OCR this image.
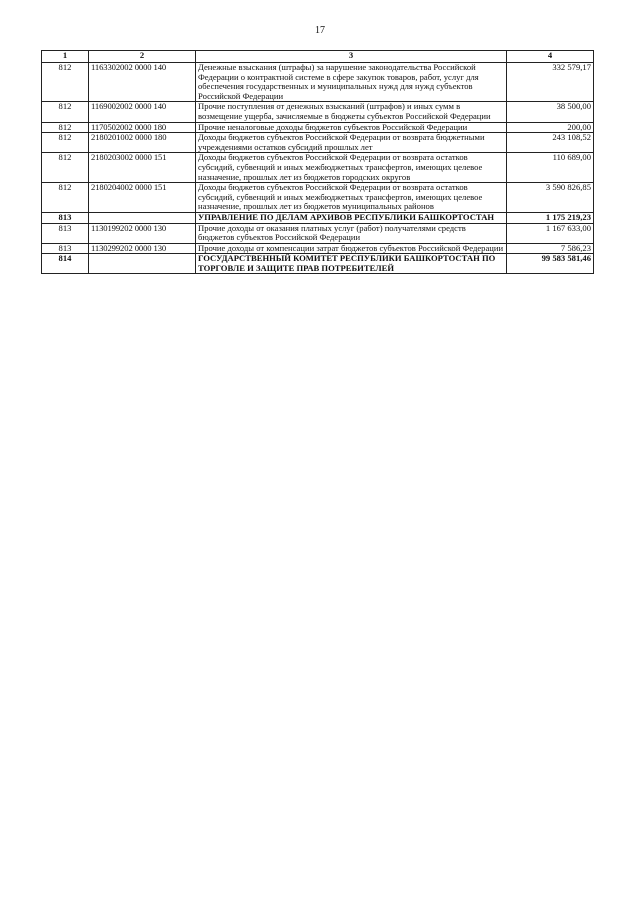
17
1	2	3	4
812	1163302002 0000 140	Денежные взыскания (штрафы) за нарушение законодательства Российской Федерации о контрактной системе в сфере закупок товаров, работ, услуг для обеспечения государственных и муниципальных нужд для нужд субъектов Российской Федерации	332 579,17
812	1169002002 0000 140	Прочие поступления от денежных взысканий (штрафов) и иных сумм в возмещение ущерба, зачисляемые в бюджеты субъектов Российской Федерации	38 500,00
812	1170502002 0000 180	Прочие неналоговые доходы бюджетов субъектов Российской Федерации	200,00
812	2180201002 0000 180	Доходы бюджетов субъектов Российской Федерации от возврата бюджетными учреждениями остатков субсидий прошлых лет	243 108,52
812	2180203002 0000 151	Доходы бюджетов субъектов Российской Федерации от возврата остатков субсидий, субвенций и иных межбюджетных трансфертов, имеющих целевое назначение, прошлых лет из бюджетов городских округов	110 689,00
812	2180204002 0000 151	Доходы бюджетов субъектов Российской Федерации от возврата остатков субсидий, субвенций и иных межбюджетных трансфертов, имеющих целевое назначение, прошлых лет из бюджетов муниципальных районов	3 590 826,85
813		УПРАВЛЕНИЕ ПО ДЕЛАМ АРХИВОВ РЕСПУБЛИКИ БАШКОРТОСТАН	1 175 219,23
813	1130199202 0000 130	Прочие доходы от оказания платных услуг (работ) получателями средств бюджетов субъектов Российской Федерации	1 167 633,00
813	1130299202 0000 130	Прочие доходы от компенсации затрат бюджетов субъектов Российской Федерации	7 586,23
814		ГОСУДАРСТВЕННЫЙ КОМИТЕТ РЕСПУБЛИКИ БАШКОРТОСТАН ПО ТОРГОВЛЕ И ЗАЩИТЕ ПРАВ ПОТРЕБИТЕЛЕЙ	99 583 581,46
